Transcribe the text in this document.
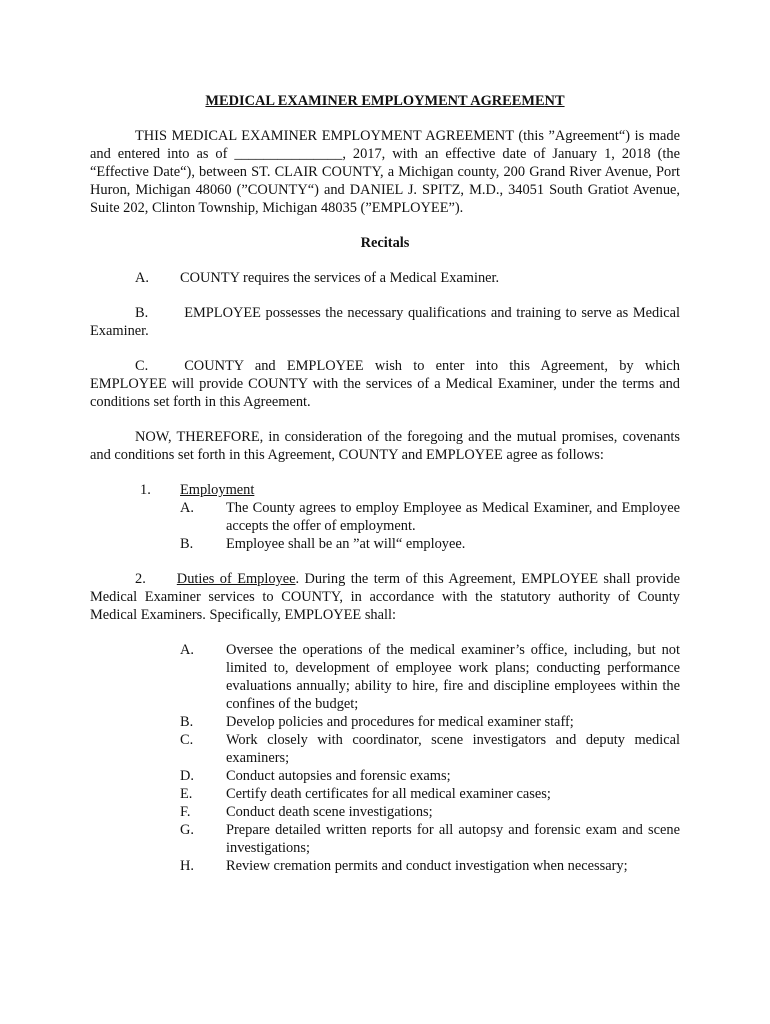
MEDICAL EXAMINER EMPLOYMENT AGREEMENT

THIS MEDICAL EXAMINER EMPLOYMENT AGREEMENT (this ”Agreement“) is made and entered into as of _______________, 2017, with an effective date of January 1, 2018 (the “Effective Date“), between ST. CLAIR COUNTY, a Michigan county, 200 Grand River Avenue, Port Huron, Michigan 48060 (”COUNTY“) and DANIEL J. SPITZ, M.D., 34051 South Gratiot Avenue, Suite 202, Clinton Township, Michigan 48035 (”EMPLOYEE”).

Recitals

A.	COUNTY requires the services of a Medical Examiner.

B.	EMPLOYEE possesses the necessary qualifications and training to serve as Medical Examiner.

C.	COUNTY and EMPLOYEE wish to enter into this Agreement, by which EMPLOYEE will provide COUNTY with the services of a Medical Examiner, under the terms and conditions set forth in this Agreement.

NOW, THEREFORE, in consideration of the foregoing and the mutual promises, covenants and conditions set forth in this Agreement, COUNTY and EMPLOYEE agree as follows:

1.	Employment
A.	The County agrees to employ Employee as Medical Examiner, and Employee accepts the offer of employment.
B.	Employee shall be an ”at will“ employee.

2. Duties of Employee. During the term of this Agreement, EMPLOYEE shall provide Medical Examiner services to COUNTY, in accordance with the statutory authority of County Medical Examiners. Specifically, EMPLOYEE shall:

A.	Oversee the operations of the medical examiner’s office, including, but not limited to, development of employee work plans; conducting performance evaluations annually; ability to hire, fire and discipline employees within the confines of the budget;
B.	Develop policies and procedures for medical examiner staff;
C.	Work closely with coordinator, scene investigators and deputy medical examiners;
D.	Conduct autopsies and forensic exams;
E.	Certify death certificates for all medical examiner cases;
F.	Conduct death scene investigations;
G.	Prepare detailed written reports for all autopsy and forensic exam and scene investigations;
H.	Review cremation permits and conduct investigation when necessary;
